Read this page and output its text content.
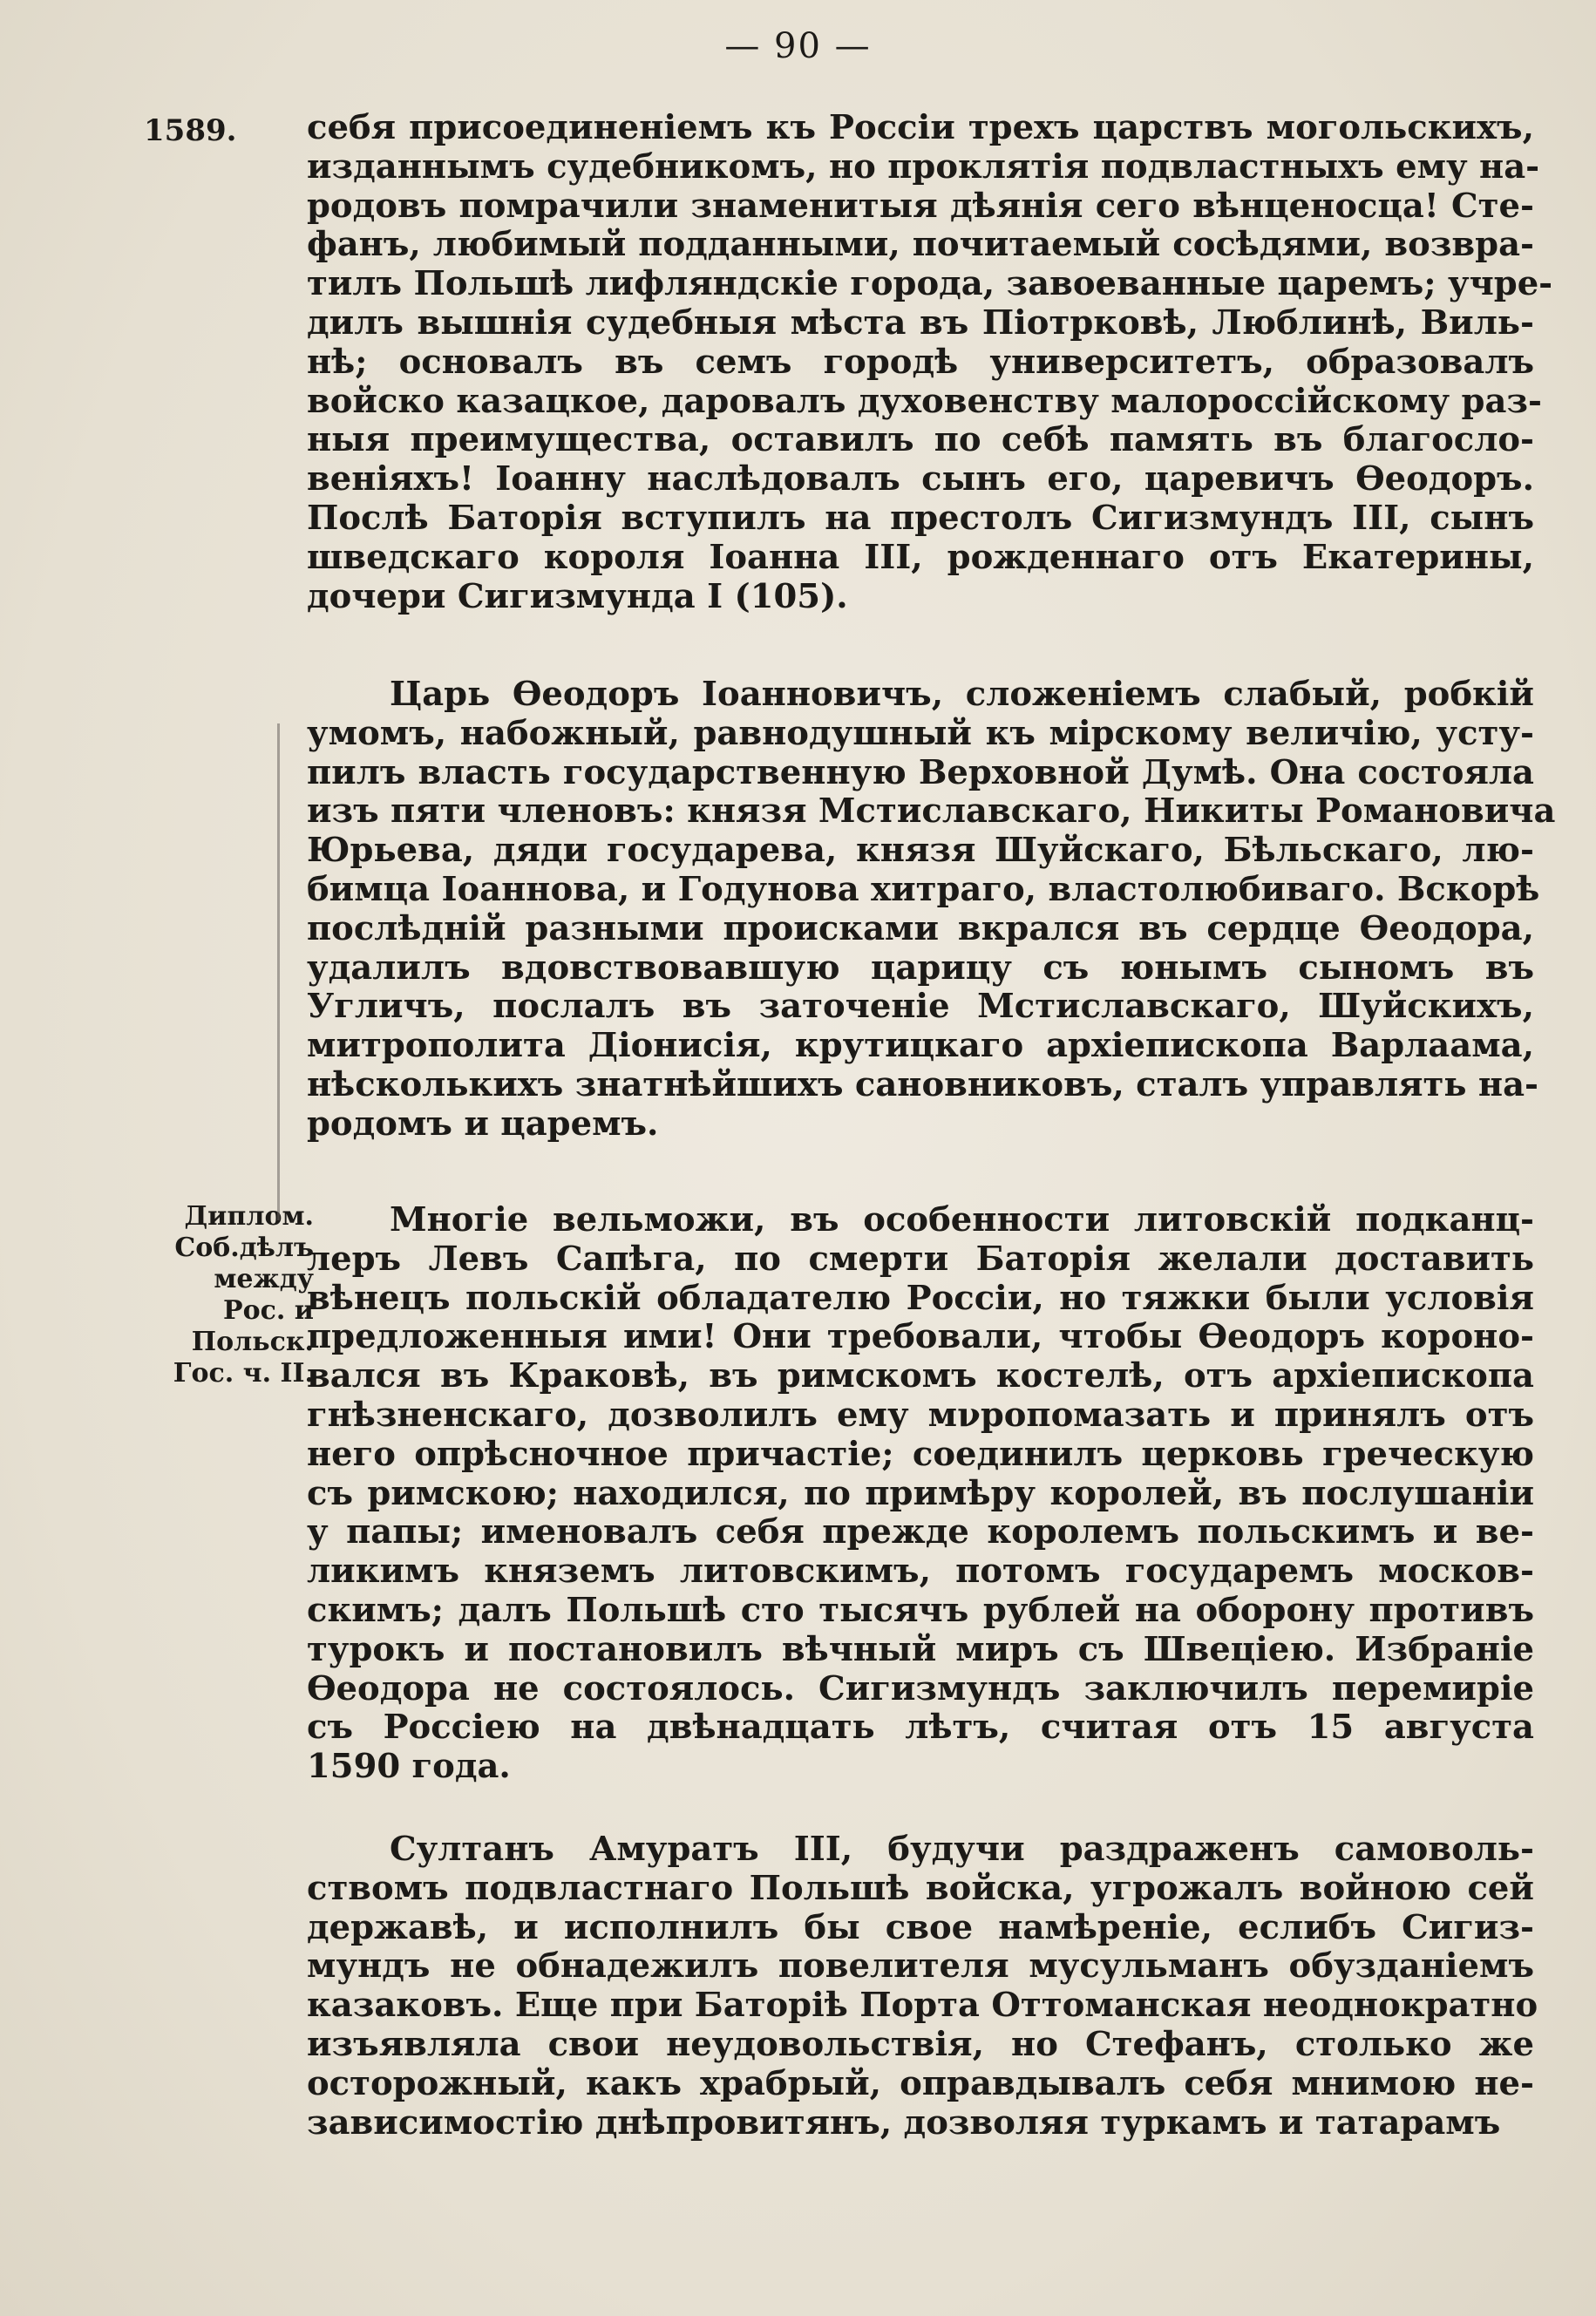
— 90 —
1589.
Диплом.
Соб.дѣлъ
между
Рос. и
Польск.
Гос. ч. II.
себя присоединеніемъ къ Россіи трехъ царствъ могольскихъ,
изданнымъ судебникомъ, но проклятія подвластныхъ ему на-
родовъ помрачили знаменитыя дѣянія сего вѣнценосца! Сте-
фанъ, любимый подданными, почитаемый сосѣдями, возвра-
тилъ Польшѣ лифляндскіе города, завоеванные царемъ; учре-
дилъ вышнія судебныя мѣста въ Піотрковѣ, Люблинѣ, Виль-
нѣ; основалъ въ семъ городѣ университетъ, образовалъ
войско казацкое, даровалъ духовенству малороссійскому раз-
ныя преимущества, оставилъ по себѣ память въ благосло-
веніяхъ! Іоанну наслѣдовалъ сынъ его, царевичъ Ѳеодоръ.
Послѣ Баторія вступилъ на престолъ Сигизмундъ III, сынъ
шведскаго короля Іоанна III, рожденнаго отъ Екатерины,
дочери Сигизмунда I (105).
Царь Ѳеодоръ Іоанновичъ, сложеніемъ слабый, робкій
умомъ, набожный, равнодушный къ мірскому величію, усту-
пилъ власть государственную Верховной Думѣ. Она состояла
изъ пяти членовъ: князя Мстиславскаго, Никиты Романовича
Юрьева, дяди государева, князя Шуйскаго, Бѣльскаго, лю-
бимца Іоаннова, и Годунова хитраго, властолюбиваго. Вскорѣ
послѣдній разными происками вкрался въ сердце Ѳеодора,
удалилъ вдовствовавшую царицу съ юнымъ сыномъ въ
Угличъ, послалъ въ заточеніе Мстиславскаго, Шуйскихъ,
митрополита Діонисія, крутицкаго архіепископа Варлаама,
нѣсколькихъ знатнѣйшихъ сановниковъ, сталъ управлять на-
родомъ и царемъ.
Многіе вельможи, въ особенности литовскій подканц-
леръ Левъ Сапѣга, по смерти Баторія желали доставить
вѣнецъ польскій обладателю Россіи, но тяжки были условія
предложенныя ими! Они требовали, чтобы Ѳеодоръ короно-
вался въ Краковѣ, въ римскомъ костелѣ, отъ архіепископа
гнѣзненскаго, дозволилъ ему мνропомазать и принялъ отъ
него опрѣсночное причастіе; соединилъ церковь греческую
съ римскою; находился, по примѣру королей, въ послушаніи
у папы; именовалъ себя прежде королемъ польскимъ и ве-
ликимъ княземъ литовскимъ, потомъ государемъ москов-
скимъ; далъ Польшѣ сто тысячъ рублей на оборону противъ
турокъ и постановилъ вѣчный миръ съ Швеціею. Избраніе
Ѳеодора не состоялось. Сигизмундъ заключилъ перемиріе
съ Россіею на двѣнадцать лѣтъ, считая отъ 15 августа
1590 года.
Султанъ Амуратъ III, будучи раздраженъ самоволь-
ствомъ подвластнаго Польшѣ войска, угрожалъ войною сей
державѣ, и исполнилъ бы свое намѣреніе, еслибъ Сигиз-
мундъ не обнадежилъ повелителя мусульманъ обузданіемъ
казаковъ. Еще при Баторіѣ Порта Оттоманская неоднократно
изъявляла свои неудовольствія, но Стефанъ, столько же
осторожный, какъ храбрый, оправдывалъ себя мнимою не-
зависимостію днѣпровитянъ, дозволяя туркамъ и татарамъ
